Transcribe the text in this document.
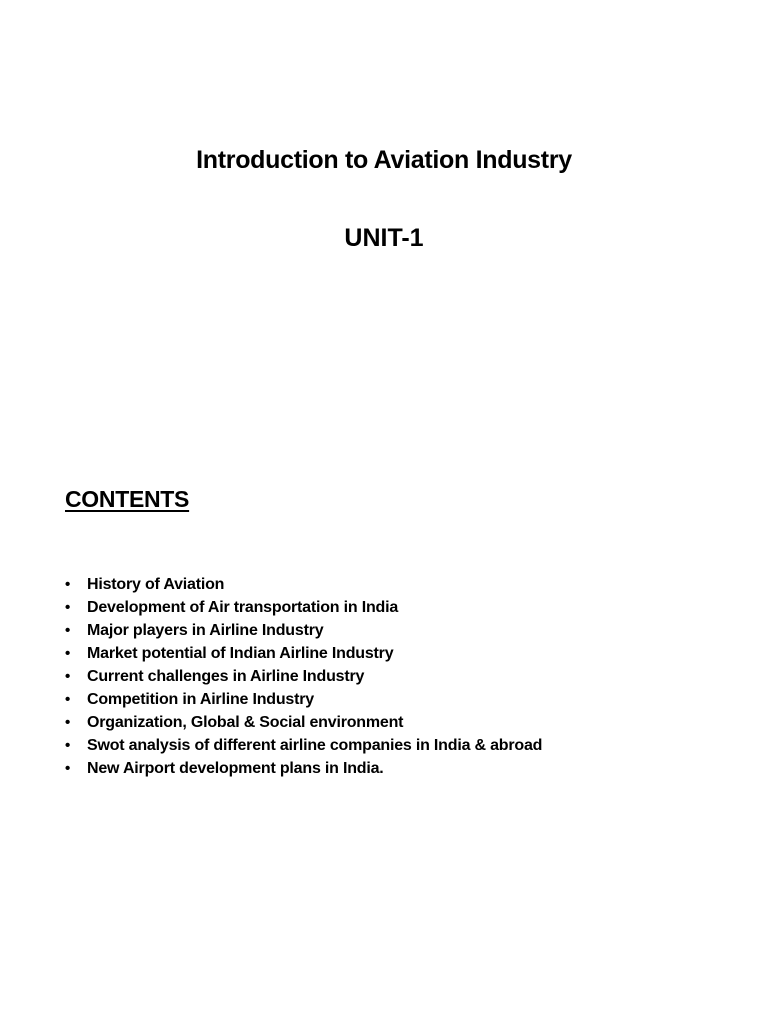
Introduction to Aviation Industry
UNIT-1
CONTENTS
• History of Aviation
• Development of Air transportation in India
• Major players in Airline Industry
• Market potential of Indian Airline Industry
• Current challenges in Airline Industry
• Competition in Airline Industry
• Organization, Global & Social environment
• Swot analysis of different airline companies in India & abroad
• New Airport development plans in India.
